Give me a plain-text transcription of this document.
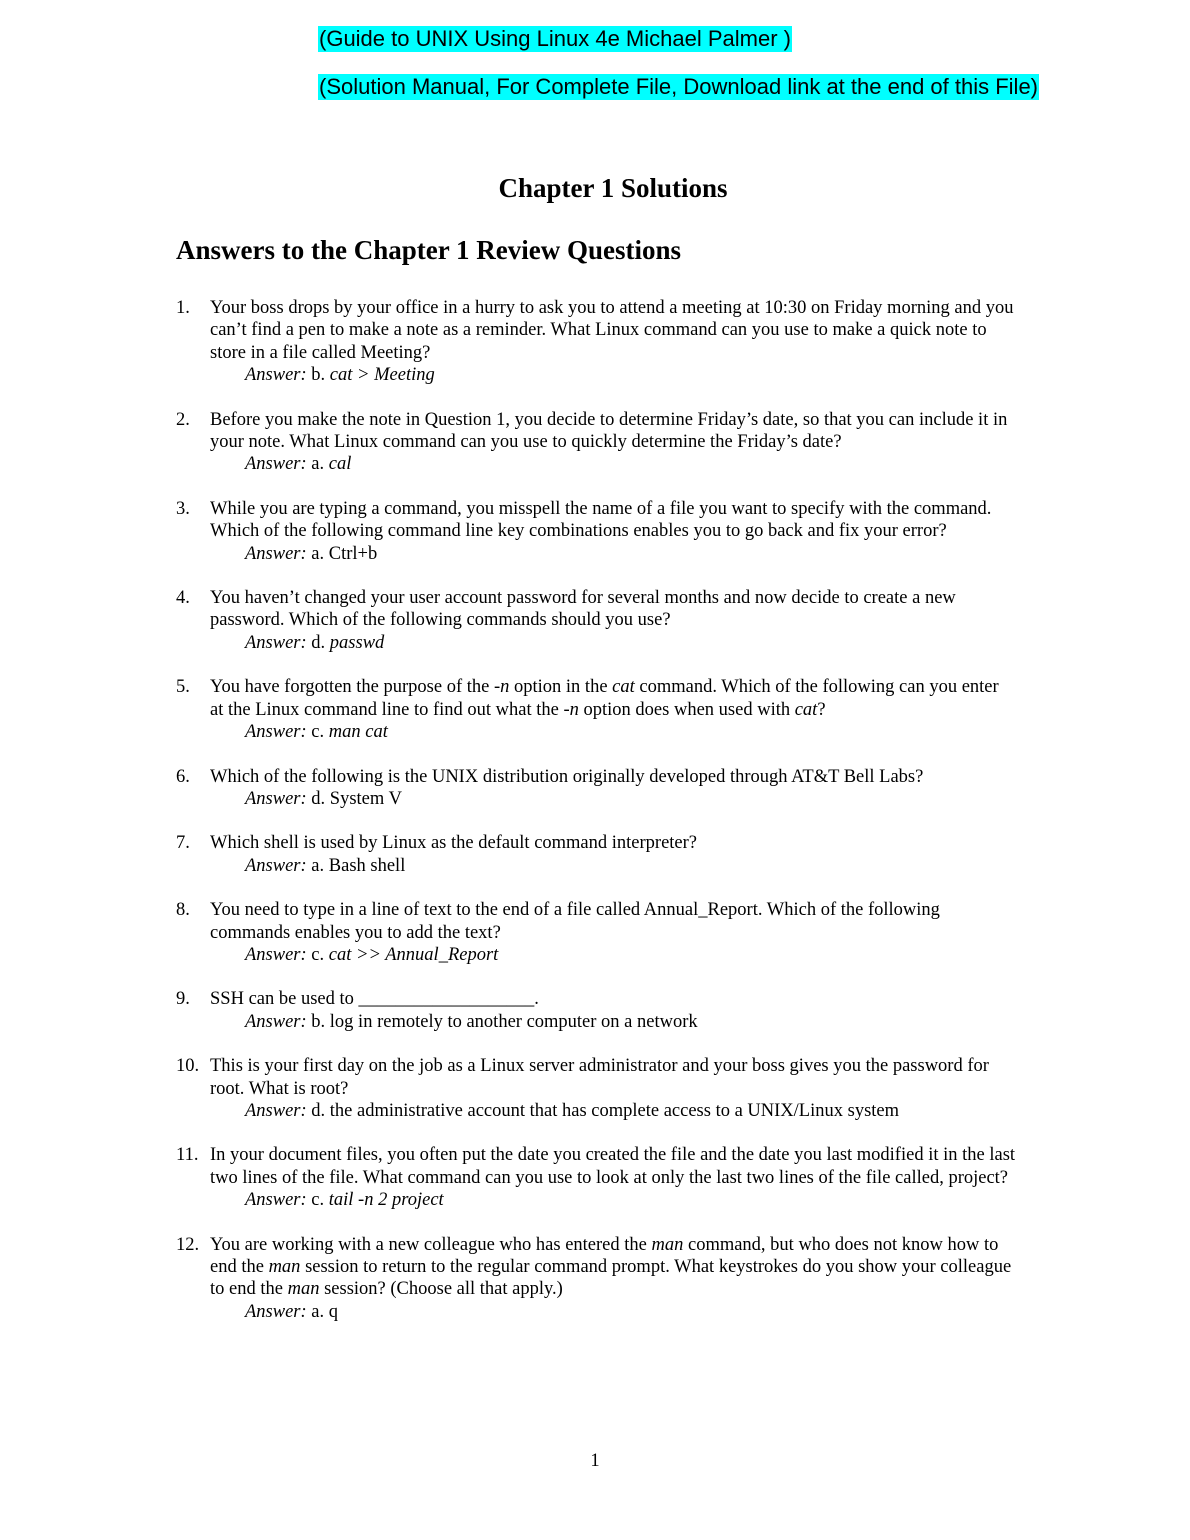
(Guide to UNIX Using Linux 4e Michael Palmer )
(Solution Manual, For Complete File, Download link at the end of this File)
Chapter 1 Solutions
Answers to the Chapter 1 Review Questions
1. Your boss drops by your office in a hurry to ask you to attend a meeting at 10:30 on Friday morning and you can’t find a pen to make a note as a reminder. What Linux command can you use to make a quick note to store in a file called Meeting?
Answer: b. cat > Meeting
2. Before you make the note in Question 1, you decide to determine Friday’s date, so that you can include it in your note. What Linux command can you use to quickly determine the Friday’s date?
Answer: a. cal
3. While you are typing a command, you misspell the name of a file you want to specify with the command. Which of the following command line key combinations enables you to go back and fix your error?
Answer: a. Ctrl+b
4. You haven’t changed your user account password for several months and now decide to create a new password. Which of the following commands should you use?
Answer: d. passwd
5. You have forgotten the purpose of the -n option in the cat command. Which of the following can you enter at the Linux command line to find out what the -n option does when used with cat?
Answer: c. man cat
6. Which of the following is the UNIX distribution originally developed through AT&T Bell Labs?
Answer: d. System V
7. Which shell is used by Linux as the default command interpreter?
Answer: a. Bash shell
8. You need to type in a line of text to the end of a file called Annual_Report. Which of the following commands enables you to add the text?
Answer: c. cat >> Annual_Report
9. SSH can be used to ___________________.
Answer: b. log in remotely to another computer on a network
10. This is your first day on the job as a Linux server administrator and your boss gives you the password for root. What is root?
Answer: d. the administrative account that has complete access to a UNIX/Linux system
11. In your document files, you often put the date you created the file and the date you last modified it in the last two lines of the file. What command can you use to look at only the last two lines of the file called, project?
Answer: c. tail -n 2 project
12. You are working with a new colleague who has entered the man command, but who does not know how to end the man session to return to the regular command prompt. What keystrokes do you show your colleague to end the man session? (Choose all that apply.)
Answer: a. q
1
